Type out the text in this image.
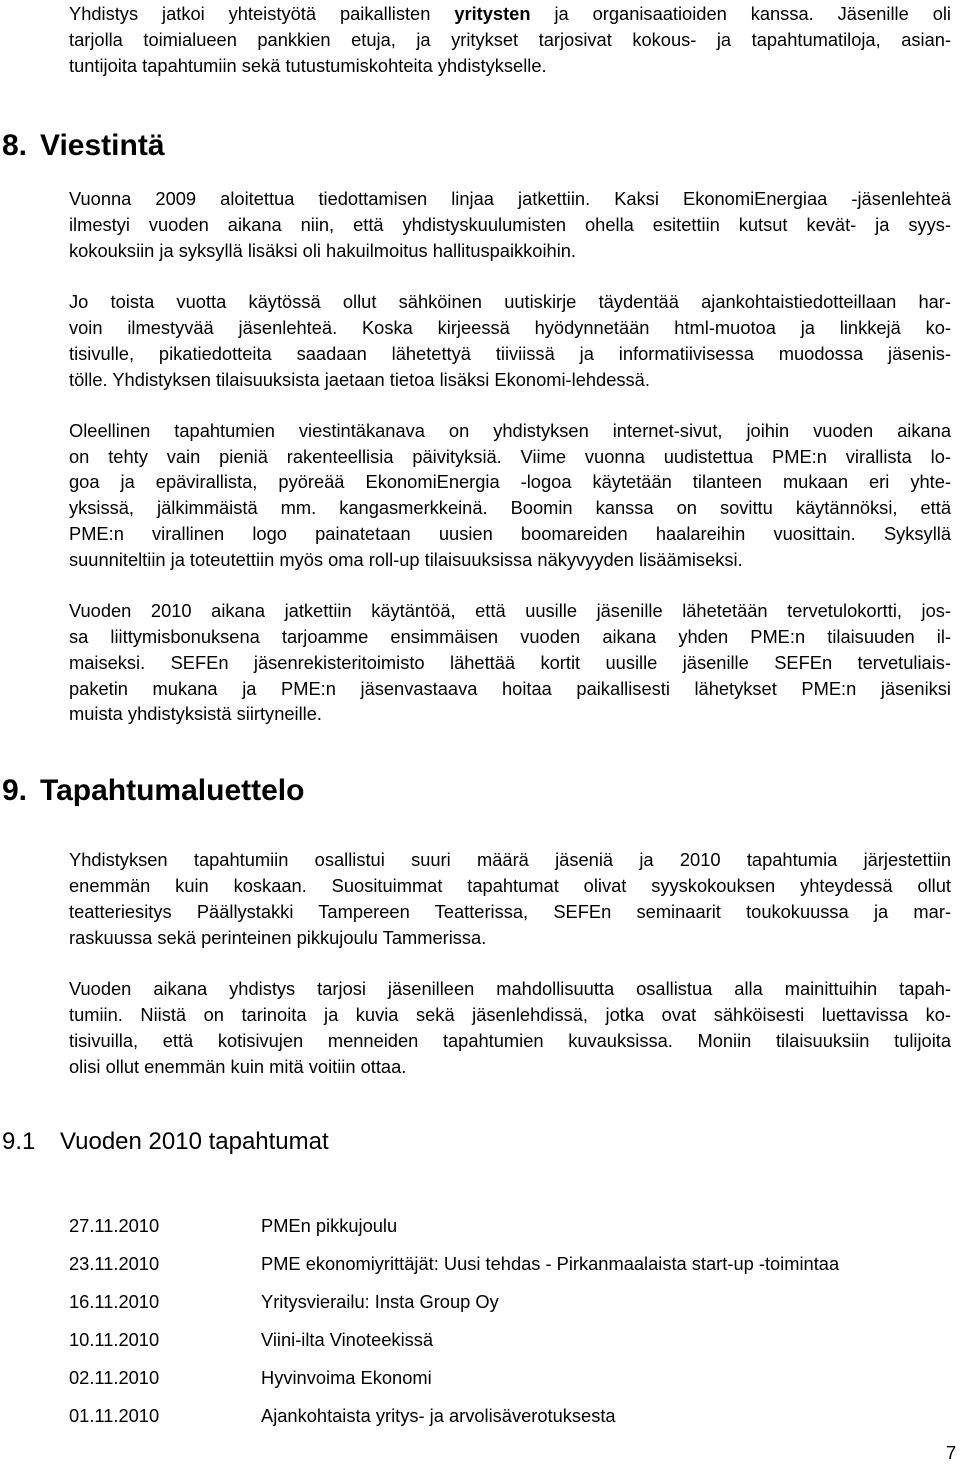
Yhdistys jatkoi yhteistyötä paikallisten yritysten ja organisaatioiden kanssa. Jäsenille oli
tarjolla toimialueen pankkien etuja, ja yritykset tarjosivat kokous- ja tapahtumatiloja, asian-
tuntijoita tapahtumiin sekä tutustumiskohteita yhdistykselle.
8. Viestintä
Vuonna 2009 aloitettua tiedottamisen linjaa jatkettiin. Kaksi EkonomiEnergiaa -jäsenlehteä
ilmestyi vuoden aikana niin, että yhdistyskuulumisten ohella esitettiin kutsut kevät- ja syys-
kokouksiin ja syksyllä lisäksi oli hakuilmoitus hallituspaikkoihin.
Jo toista vuotta käytössä ollut sähköinen uutiskirje täydentää ajankohtaistiedotteillaan har-
voin ilmestyvää jäsenlehteä. Koska kirjeessä hyödynnetään html-muotoa ja linkkejä ko-
tisivulle, pikatiedotteita saadaan lähetettyä tiiviissä ja informatiivisessa muodossa jäsenis-
tölle. Yhdistyksen tilaisuuksista jaetaan tietoa lisäksi Ekonomi-lehdessä.
Oleellinen tapahtumien viestintäkanava on yhdistyksen internet-sivut, joihin vuoden aikana
on tehty vain pieniä rakenteellisia päivityksiä. Viime vuonna uudistettua PME:n virallista lo-
goa ja epävirallista, pyöreää EkonomiEnergia -logoa käytetään tilanteen mukaan eri yhte-
yksissä, jälkimmäistä mm. kangasmerkkeinä. Boomin kanssa on sovittu käytännöksi, että
PME:n virallinen logo painatetaan uusien boomareiden haalareihin vuosittain. Syksyllä
suunniteltiin ja toteutettiin myös oma roll-up tilaisuuksissa näkyvyyden lisäämiseksi.
Vuoden 2010 aikana jatkettiin käytäntöä, että uusille jäsenille lähetetään tervetulokortti, jos-
sa liittymisbonuksena tarjoamme ensimmäisen vuoden aikana yhden PME:n tilaisuuden il-
maiseksi. SEFEn jäsenrekisteritoimisto lähettää kortit uusille jäsenille SEFEn tervetuliais-
paketin mukana ja PME:n jäsenvastaava hoitaa paikallisesti lähetykset PME:n jäseniksi
muista yhdistyksistä siirtyneille.
9. Tapahtumaluettelo
Yhdistyksen tapahtumiin osallistui suuri määrä jäseniä ja 2010 tapahtumia järjestettiin
enemmän kuin koskaan. Suosituimmat tapahtumat olivat syyskokouksen yhteydessä ollut
teatteriesitys Päällystakki Tampereen Teatterissa, SEFEn seminaarit toukokuussa ja mar-
raskuussa sekä perinteinen pikkujoulu Tammerissa.
Vuoden aikana yhdistys tarjosi jäsenilleen mahdollisuutta osallistua alla mainittuihin tapah-
tumiin. Niistä on tarinoita ja kuvia sekä jäsenlehdissä, jotka ovat sähköisesti luettavissa ko-
tisivuilla, että kotisivujen menneiden tapahtumien kuvauksissa. Moniin tilaisuuksiin tulijoita
olisi ollut enemmän kuin mitä voitiin ottaa.
9.1 Vuoden 2010 tapahtumat
27.11.2010	PMEn pikkujoulu
23.11.2010	PME ekonomiyrittäjät: Uusi tehdas - Pirkanmaalaista start-up -toimintaa
16.11.2010	Yritysvierailu: Insta Group Oy
10.11.2010	Viini-ilta Vinoteekissä
02.11.2010	Hyvinvoima Ekonomi
01.11.2010	Ajankohtaista yritys- ja arvolisäverotuksesta
7
